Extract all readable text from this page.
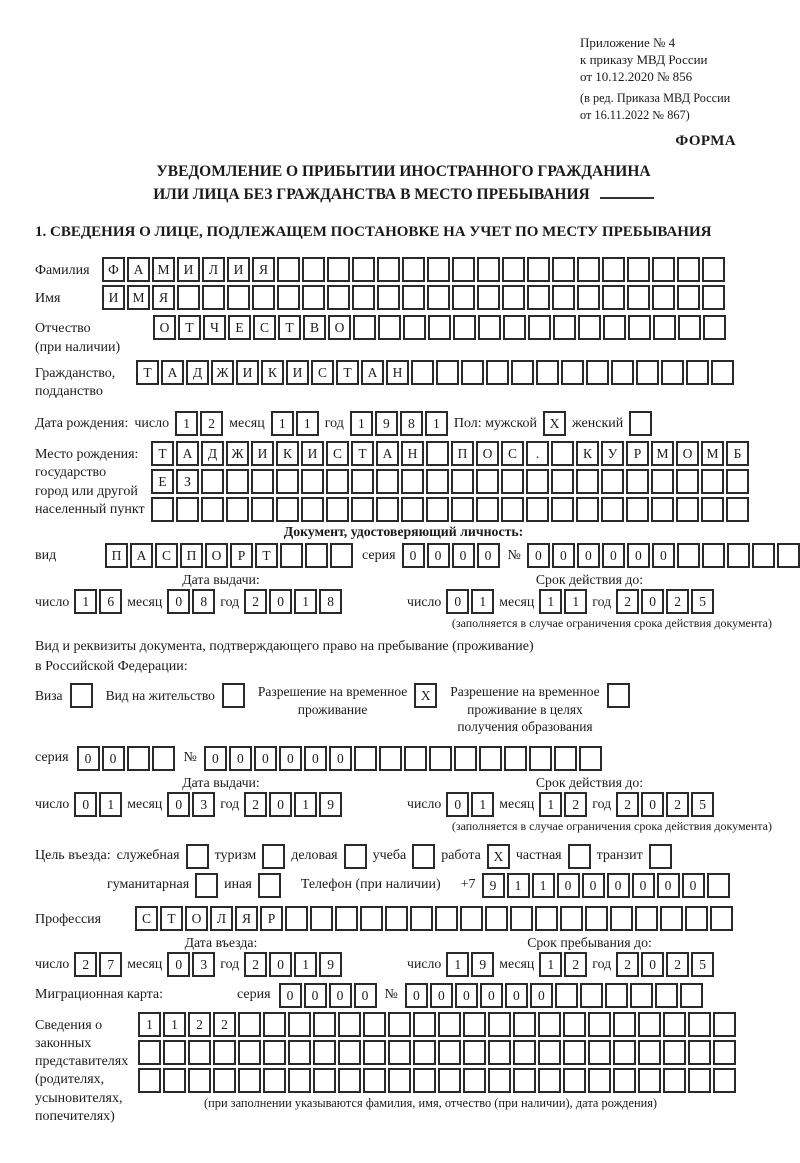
Приложение № 4
к приказу МВД России
от 10.12.2020 № 856
(в ред. Приказа МВД России
от 16.11.2022 № 867)
ФОРМА
УВЕДОМЛЕНИЕ О ПРИБЫТИИ ИНОСТРАННОГО ГРАЖДАНИНА
ИЛИ ЛИЦА БЕЗ ГРАЖДАНСТВА В МЕСТО ПРЕБЫВАНИЯ
1. СВЕДЕНИЯ О ЛИЦЕ, ПОДЛЕЖАЩЕМ ПОСТАНОВКЕ НА УЧЕТ ПО МЕСТУ ПРЕБЫВАНИЯ
Фамилия	Ф	А	М	И	Л	И	Я
Имя	И	М	Я
Отчество
(при наличии)
О	Т	Ч	Е	С	Т	В	О
Гражданство,
подданство
Т	А	Д	Ж	И	К	И	С	Т	А	Н
Дата рождения: число	1	2	месяц	1	1	год	1	9	8	1	Пол: мужской X женский
Место рождения:
государство
город или другой
населенный пункт
Т	А	Д	Ж	И	К	И	С	Т	А	Н	П	О	С	.	К	У	Р	М	О	М	Б
Е	З
Документ, удостоверяющий личность:
вид	П	А	С	П	О	Р	Т	серия	0	0	0	0	№	0	0	0	0	0	0
Дата выдачи:
число 1	6 месяц 0	8 год 2	0	1	8
Срок действия до:
число 0	1 месяц 1	1 год 2	0	2	5
(заполняется в случае ограничения срока действия документа)
Вид и реквизиты документа, подтверждающего право на пребывание (проживание)
в Российской Федерации:
Виза	Вид на жительство	Разрешение на временное
проживание
X	Разрешение на временное
проживание в целях
получения образования
серия	0	0	№	0	0	0	0	0	0
Дата выдачи:
число 0	1 месяц 0	3 год 2	0	1	9
Срок действия до:
число 0	1 месяц 1	2 год 2	0	2	5
(заполняется в случае ограничения срока действия документа)
Цель въезда: служебная	туризм	деловая	учеба	работа X частная	транзит
гуманитарная	иная	Телефон (при наличии) +7	9	1	1	0	0	0	0	0	0
Профессия	С	Т	О	Л	Я	Р
Дата въезда:
число 2	7 месяц 0	3 год 2	0	1	9
Срок пребывания до:
число 1	9 месяц 1	2 год 2	0	2	5
Миграционная карта:	серия	0	0	0	0	№	0	0	0	0	0	0
Сведения о
законных
представителях
(родителях,
усыновителях,
попечителях)
1	1	2	2
(при заполнении указываются фамилия, имя, отчество (при наличии), дата рождения)
